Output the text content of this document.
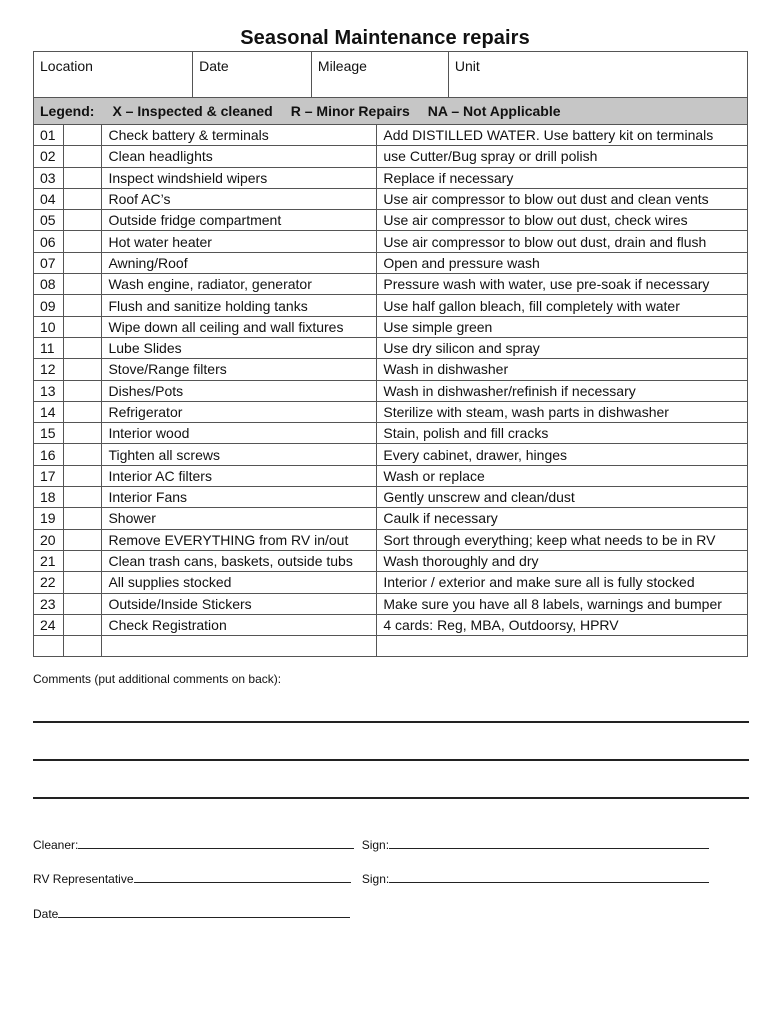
Seasonal Maintenance repairs
Location			Date	Mileage		Unit
Legend: X – Inspected & cleaned R – Minor Repairs NA – Not Applicable						
01		Check battery & terminals			Add DISTILLED WATER. Use battery kit on terminals	
02		Clean headlights			use Cutter/Bug spray or drill polish	
03		Inspect windshield wipers			Replace if necessary	
04		Roof AC’s			Use air compressor to blow out dust and clean vents	
05		Outside fridge compartment			Use air compressor to blow out dust, check wires	
06		Hot water heater			Use air compressor to blow out dust, drain and flush	
07		Awning/Roof			Open and pressure wash	
08		Wash engine, radiator, generator			Pressure wash with water, use pre-soak if necessary	
09		Flush and sanitize holding tanks			Use half gallon bleach, fill completely with water	
10		Wipe down all ceiling and wall fixtures			Use simple green	
11		Lube Slides			Use dry silicon and spray	
12		Stove/Range filters			Wash in dishwasher	
13		Dishes/Pots			Wash in dishwasher/refinish if necessary	
14		Refrigerator			Sterilize with steam, wash parts in dishwasher	
15		Interior wood			Stain, polish and fill cracks	
16		Tighten all screws			Every cabinet, drawer, hinges	
17		Interior AC filters			Wash or replace	
18		Interior Fans			Gently unscrew and clean/dust	
19		Shower			Caulk if necessary	
20		Remove EVERYTHING from RV in/out			Sort through everything; keep what needs to be in RV	
21		Clean trash cans, baskets, outside tubs			Wash thoroughly and dry	
22		All supplies stocked			Interior / exterior and make sure all is fully stocked	
23		Outside/Inside Stickers			Make sure you have all 8 labels, warnings and bumper	
24		Check Registration			4 cards: Reg, MBA, Outdoorsy, HPRV	

Comments (put additional comments on back):
Cleaner:	Sign:
RV Representative	Sign:
Date
